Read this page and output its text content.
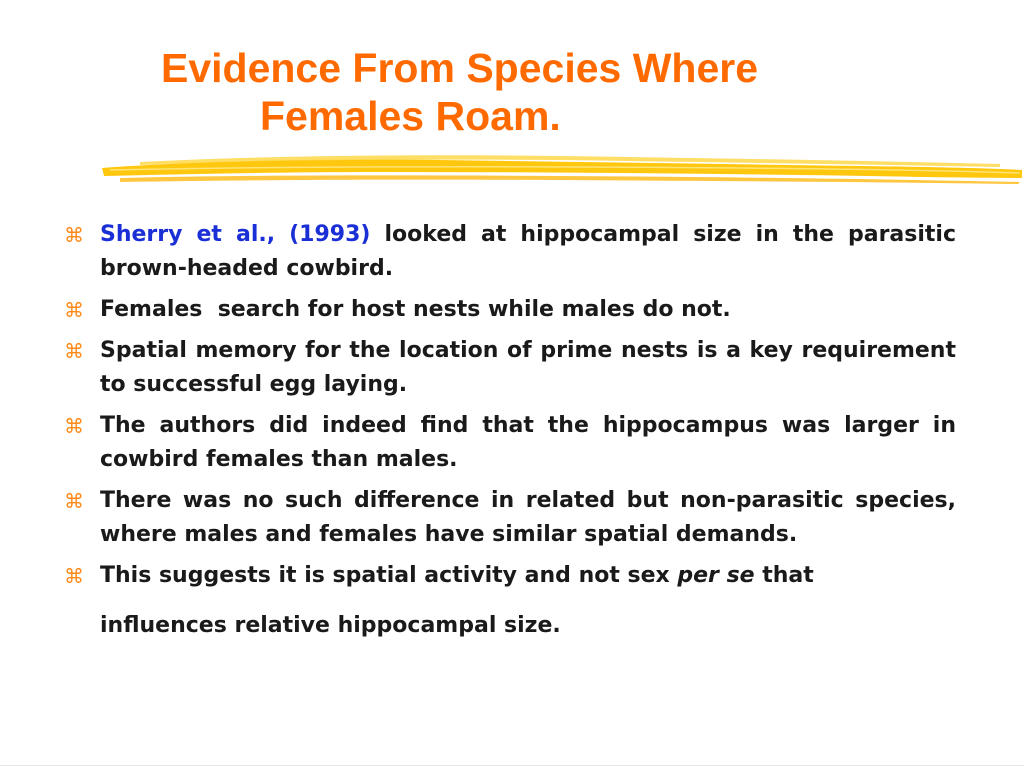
Evidence From Species Where
Females Roam.
⌘ Sherry et al., (1993) looked at hippocampal size in the parasitic brown-headed cowbird.
⌘ Females  search for host nests while males do not.
⌘ Spatial memory for the location of prime nests is a key requirement to successful egg laying.
⌘ The authors did indeed find that the hippocampus was larger in cowbird females than males.
⌘ There was no such difference in related but non-parasitic species, where males and females have similar spatial demands.
⌘ This suggests it is spatial activity and not sex per se that
influences relative hippocampal size.
